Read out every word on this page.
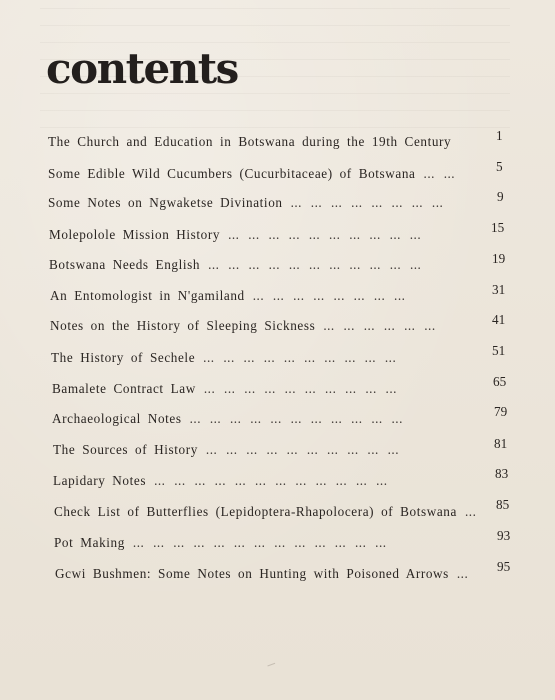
contents
The Church and Education in Botswana during the 19th Century	1
Some Edible Wild Cucumbers (Cucurbitaceae) of Botswana ... ...	5
Some Notes on Ngwaketse Divination ... ... ... ... ... ... ... ...	9
Molepolole Mission History ... ... ... ... ... ... ... ... ... ...	15
Botswana Needs English ... ... ... ... ... ... ... ... ... ... ...	19
An Entomologist in N'gamiland ... ... ... ... ... ... ... ...	31
Notes on the History of Sleeping Sickness ... ... ... ... ... ...	41
The History of Sechele ... ... ... ... ... ... ... ... ... ...	51
Bamalete Contract Law ... ... ... ... ... ... ... ... ... ...	65
Archaeological Notes ... ... ... ... ... ... ... ... ... ... ...	79
The Sources of History ... ... ... ... ... ... ... ... ... ...	81
Lapidary Notes ... ... ... ... ... ... ... ... ... ... ... ...	83
Check List of Butterflies (Lepidoptera-Rhapolocera) of Botswana ... 85
Pot Making ... ... ... ... ... ... ... ... ... ... ... ... ...	93
Gcwi Bushmen: Some Notes on Hunting with Poisoned Arrows ... 95
